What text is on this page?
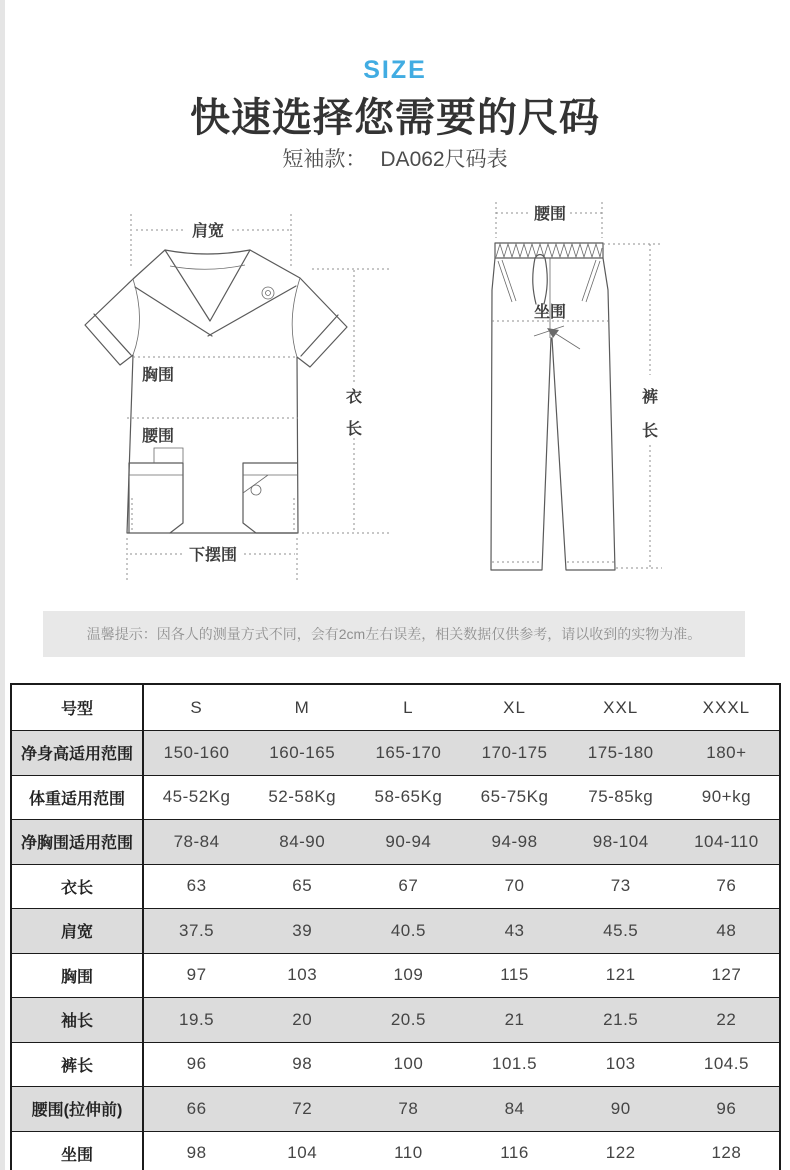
SIZE
快速选择您需要的尺码
短袖款： DA062尺码表
肩宽
胸围
腰围
衣
长
下摆围
腰围
坐围
裤
长
温馨提示：因各人的测量方式不同，会有2cm左右误差，相关数据仅供参考，请以收到的实物为准。
号型	S	M	L	XL	XXL	XXXL
净身高适用范围	150-160	160-165	165-170	170-175	175-180	180+
体重适用范围	45-52Kg	52-58Kg	58-65Kg	65-75Kg	75-85kg	90+kg
净胸围适用范围	78-84	84-90	90-94	94-98	98-104	104-110
衣长	63	65	67	70	73	76
肩宽	37.5	39	40.5	43	45.5	48
胸围	97	103	109	115	121	127
袖长	19.5	20	20.5	21	21.5	22
裤长	96	98	100	101.5	103	104.5
腰围(拉伸前)	66	72	78	84	90	96
坐围	98	104	110	116	122	128
